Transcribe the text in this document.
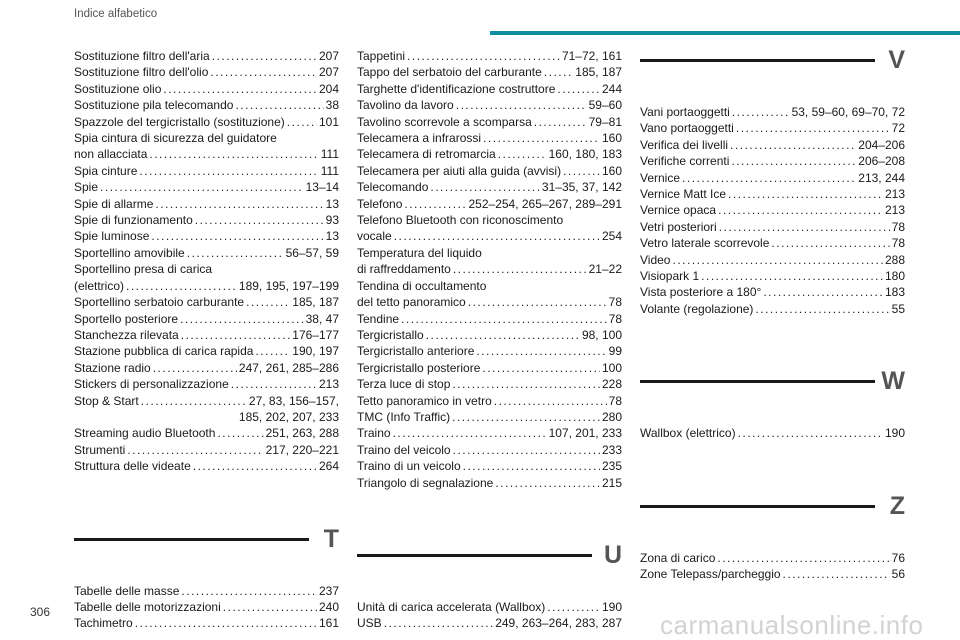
Indice alfabetico
Sostituzione filtro dell'aria .....	207
Sostituzione filtro dell'olio .....	207
Sostituzione olio .....	204
Sostituzione pila telecomando .....	38
Spazzole del tergicristallo (sostituzione) .....	101
Spia cintura di sicurezza del guidatore
non allacciata .....	111
Spia cinture .....	111
Spie .....	13–14
Spie di allarme .....	13
Spie di funzionamento .....	93
Spie luminose .....	13
Sportellino amovibile .....	56–57, 59
Sportellino presa di carica
(elettrico) .....	189, 195, 197–199
Sportellino serbatoio carburante .....	185, 187
Sportello posteriore .....	38, 47
Stanchezza rilevata .....	176–177
Stazione pubblica di carica rapida .....	190, 197
Stazione radio .....	247, 261, 285–286
Stickers di personalizzazione .....	213
Stop & Start .....	27, 83, 156–157,
185, 202, 207, 233
Streaming audio Bluetooth .....	251, 263, 288
Strumenti .....	217, 220–221
Struttura delle videate .....	264
T
Tabelle delle masse .....	237
Tabelle delle motorizzazioni .....	240
Tachimetro .....	161
Tappetini .....	71–72, 161
Tappo del serbatoio del carburante .....	185, 187
Targhette d'identificazione costruttore .....	244
Tavolino da lavoro .....	59–60
Tavolino scorrevole a scomparsa .....	79–81
Telecamera a infrarossi .....	160
Telecamera di retromarcia .....	160, 180, 183
Telecamera per aiuti alla guida (avvisi) .....	160
Telecomando .....	31–35, 37, 142
Telefono .....	252–254, 265–267, 289–291
Telefono Bluetooth con riconoscimento
vocale .....	254
Temperatura del liquido
di raffreddamento .....	21–22
Tendina di occultamento
del tetto panoramico .....	78
Tendine .....	78
Tergicristallo .....	98, 100
Tergicristallo anteriore .....	99
Tergicristallo posteriore .....	100
Terza luce di stop .....	228
Tetto panoramico in vetro .....	78
TMC (Info Traffic) .....	280
Traino .....	107, 201, 233
Traino del veicolo .....	233
Traino di un veicolo .....	235
Triangolo di segnalazione .....	215
U
Unità di carica accelerata (Wallbox) .....	190
USB .....	249, 263–264, 283, 287
V
Vani portaoggetti .....	53, 59–60, 69–70, 72
Vano portaoggetti .....	72
Verifica dei livelli .....	204–206
Verifiche correnti .....	206–208
Vernice .....	213, 244
Vernice Matt Ice .....	213
Vernice opaca .....	213
Vetri posteriori .....	78
Vetro laterale scorrevole .....	78
Video .....	288
Visiopark 1 .....	180
Vista posteriore a 180° .....	183
Volante (regolazione) .....	55
W
Wallbox (elettrico) .....	190
Z
Zona di carico .....	76
Zone Telepass/parcheggio .....	56
306	carmanualsonline.info
